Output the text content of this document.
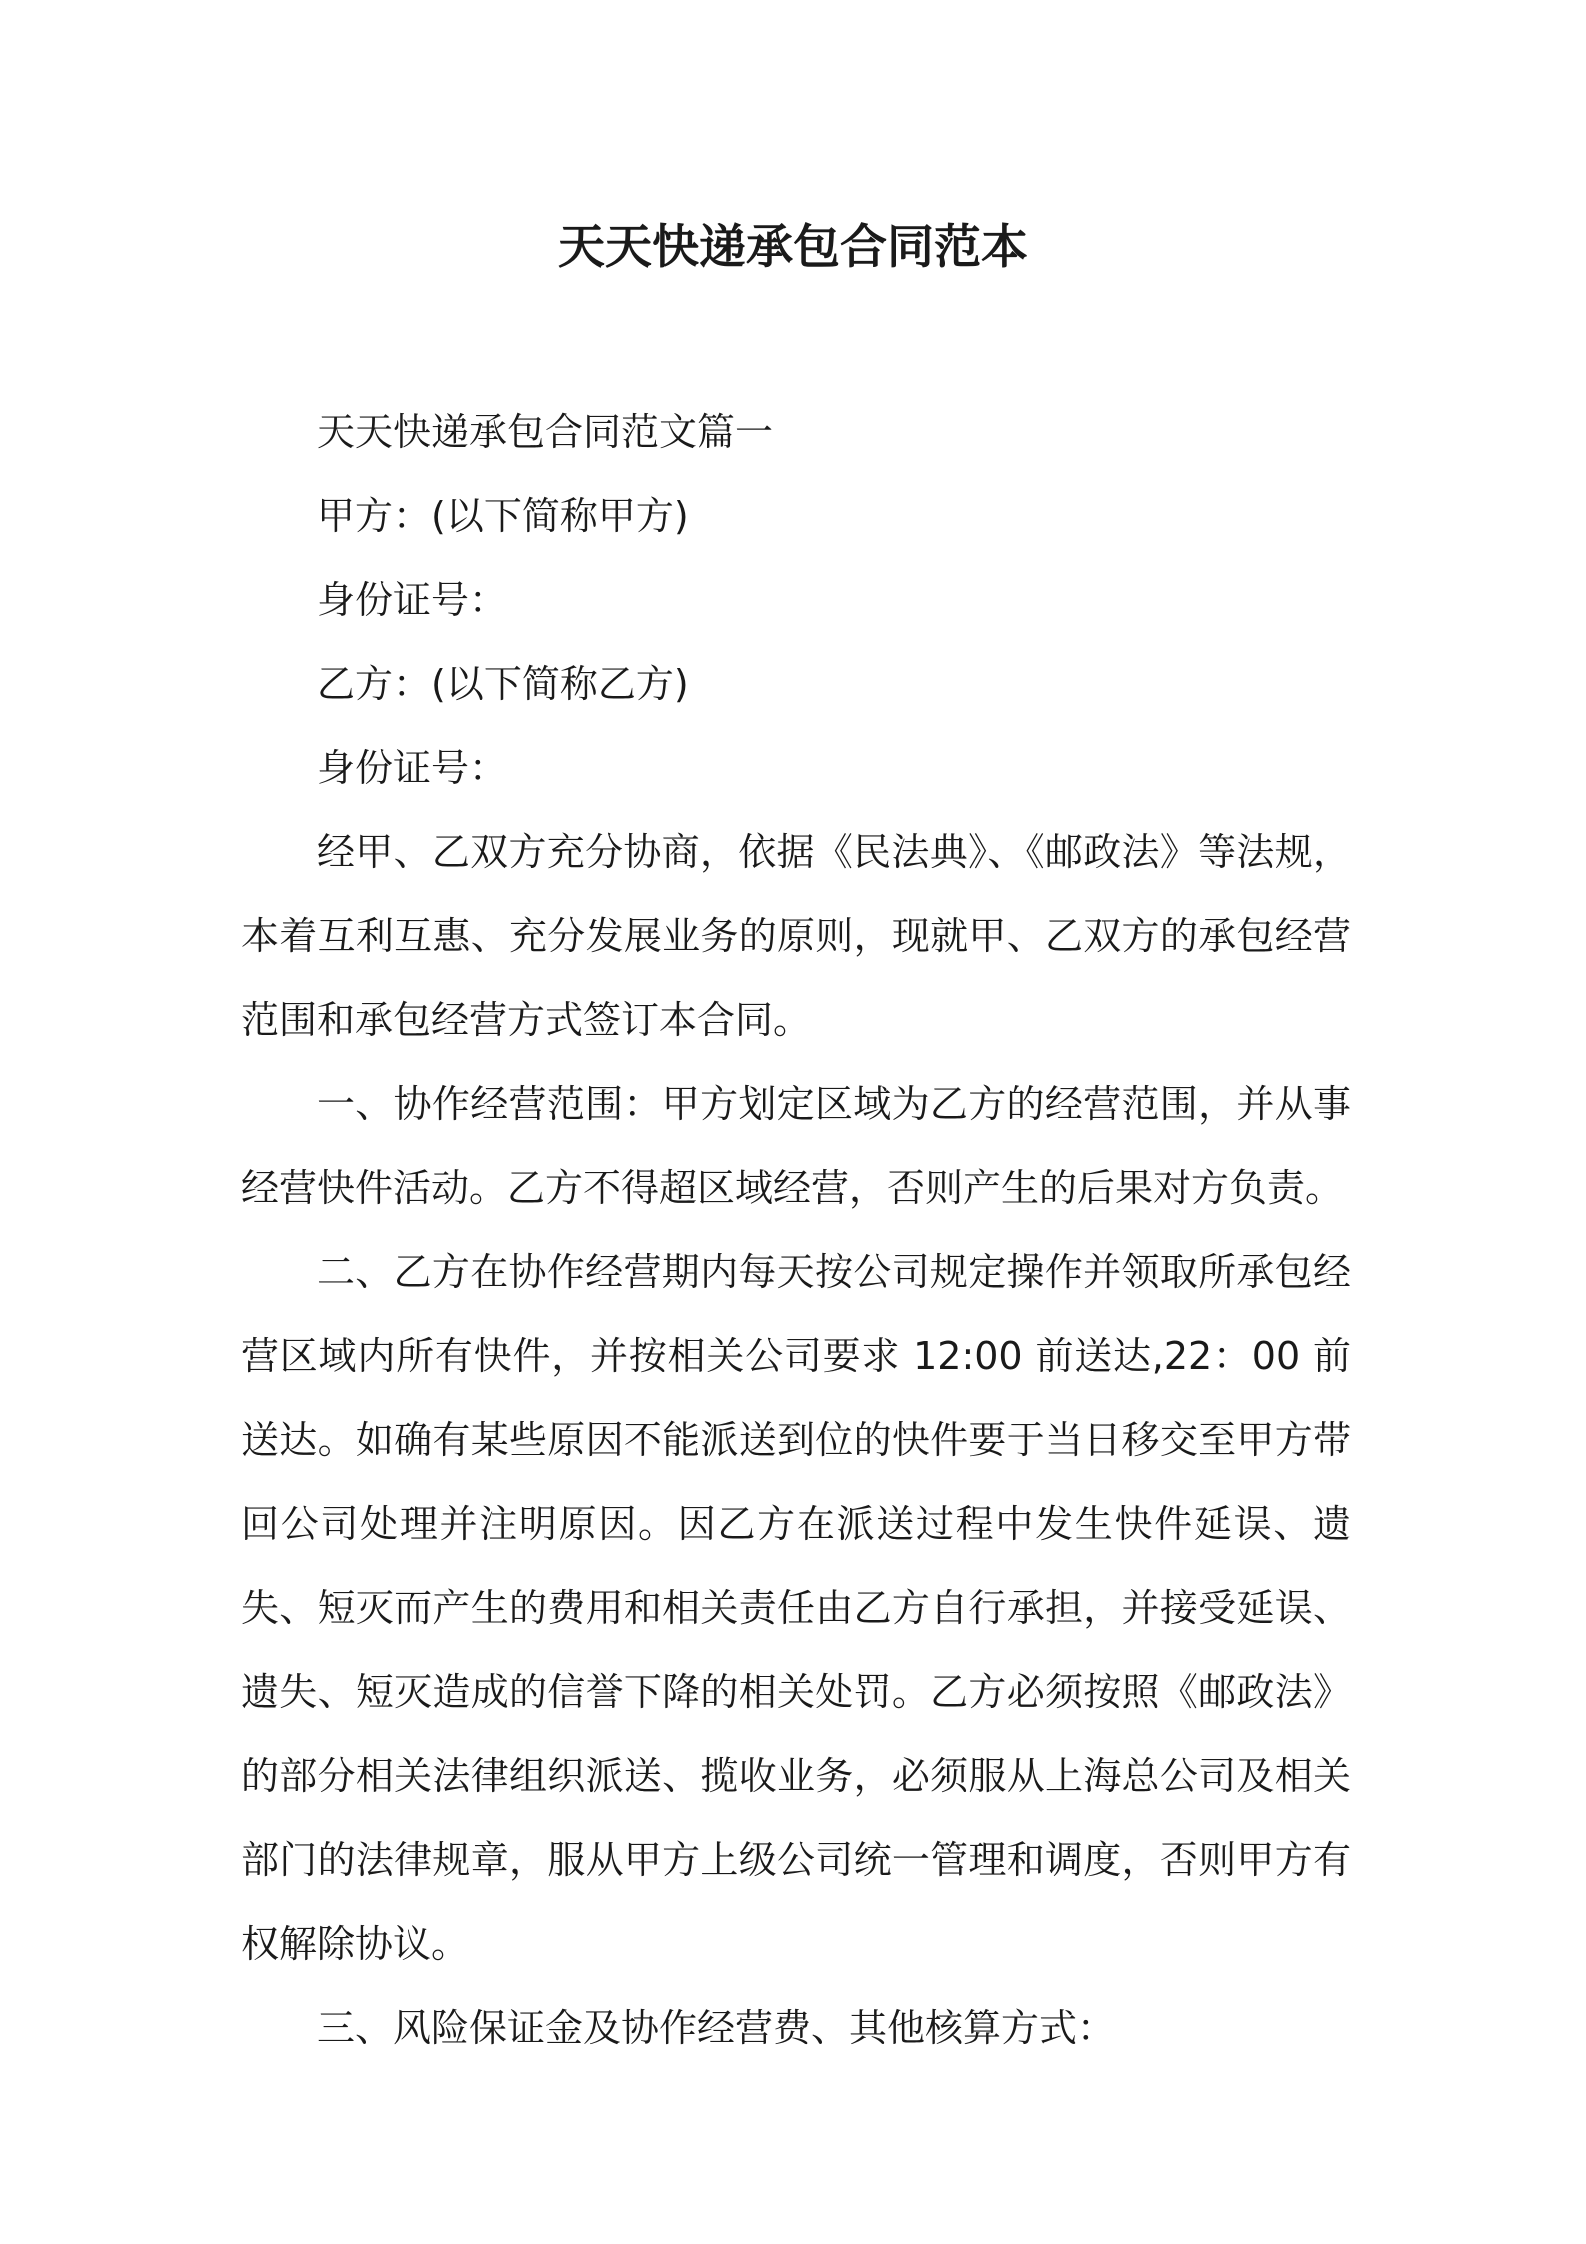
天天快递承包合同范本

天天快递承包合同范文篇一

甲方：(以下简称甲方)

身份证号：

乙方：(以下简称乙方)

身份证号：

经甲、乙双方充分协商，依据《民法典》、《邮政法》等法规，本着互利互惠、充分发展业务的原则，现就甲、乙双方的承包经营范围和承包经营方式签订本合同。

一、协作经营范围：甲方划定区域为乙方的经营范围，并从事经营快件活动。乙方不得超区域经营，否则产生的后果对方负责。

二、乙方在协作经营期内每天按公司规定操作并领取所承包经营区域内所有快件，并按相关公司要求 12:00 前送达,22：00 前送达。如确有某些原因不能派送到位的快件要于当日移交至甲方带回公司处理并注明原因。因乙方在派送过程中发生快件延误、遗失、短灭而产生的费用和相关责任由乙方自行承担，并接受延误、遗失、短灭造成的信誉下降的相关处罚。乙方必须按照《邮政法》的部分相关法律组织派送、揽收业务，必须服从上海总公司及相关部门的法律规章，服从甲方上级公司统一管理和调度，否则甲方有权解除协议。

三、风险保证金及协作经营费、其他核算方式：
